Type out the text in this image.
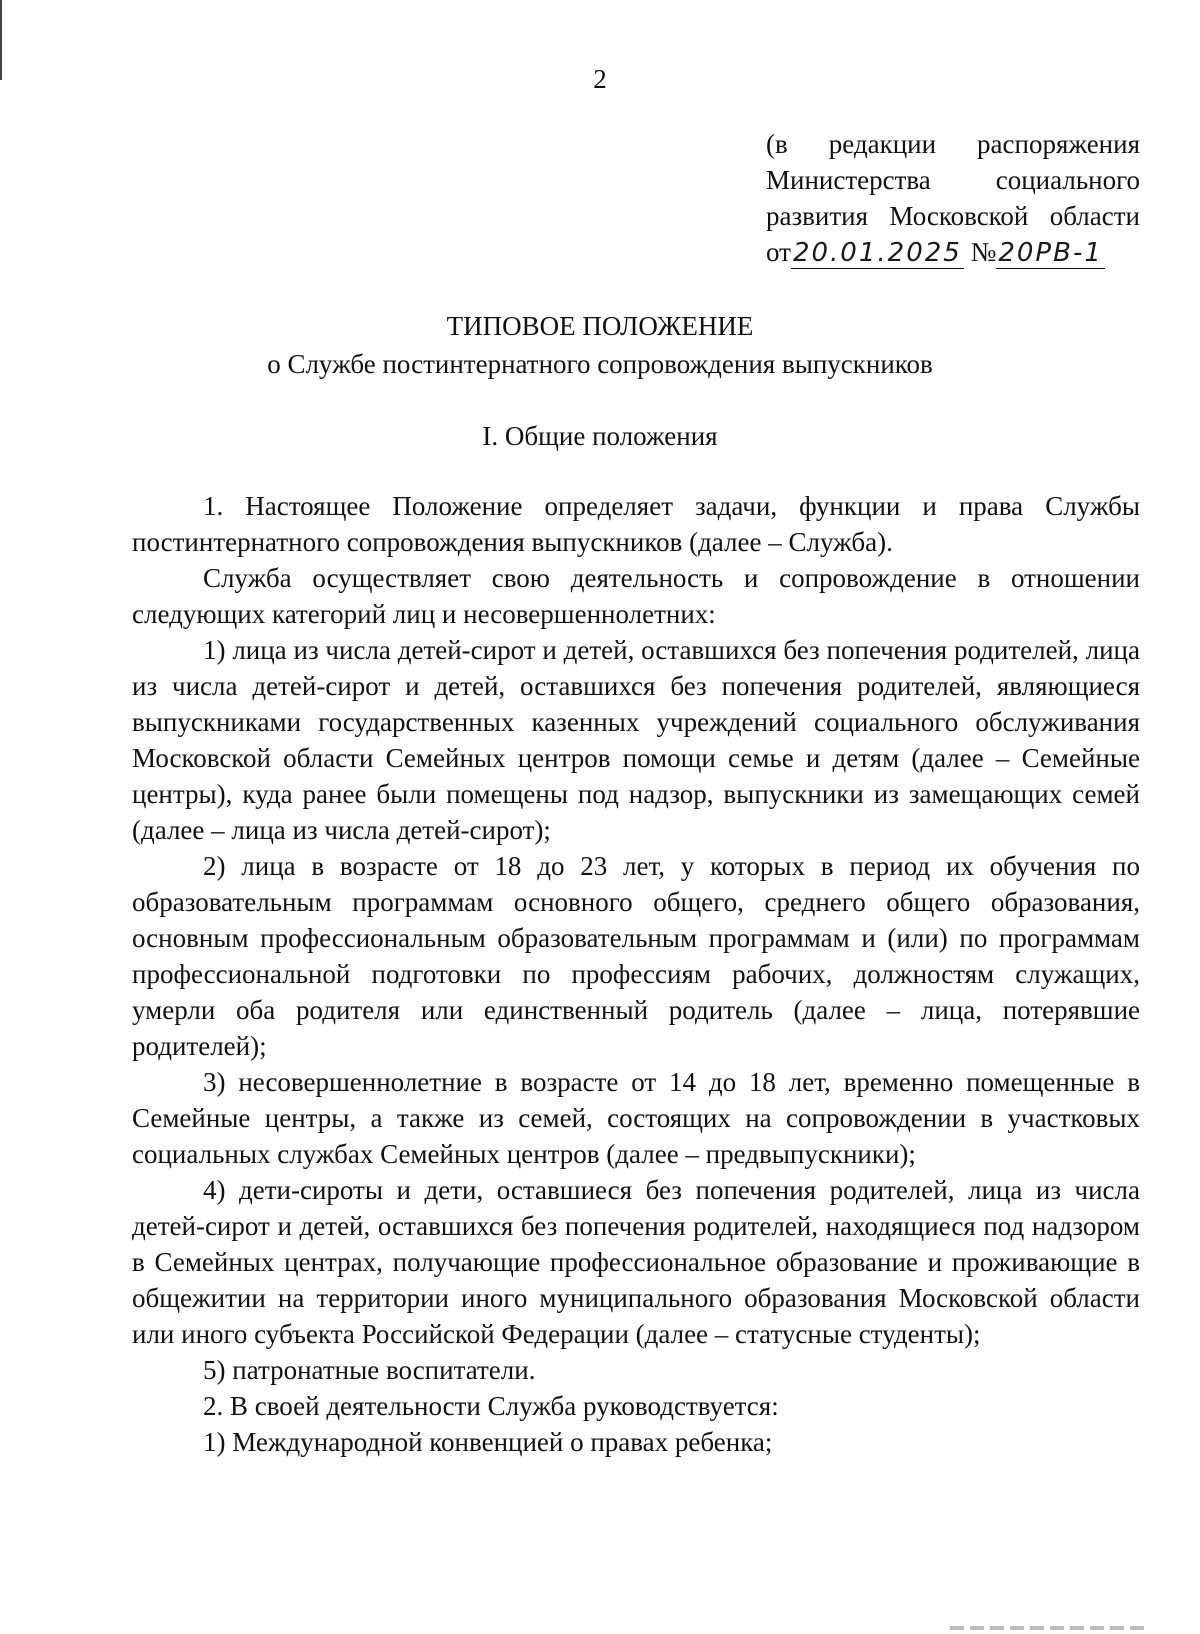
2
(в редакции распоряжения
Министерства социального
развития Московской области
от20.01.2025 №20РВ-1
ТИПОВОЕ ПОЛОЖЕНИЕ
о Службе постинтернатного сопровождения выпускников
I. Общие положения

1. Настоящее Положение определяет задачи, функции и права Службы постинтернатного сопровождения выпускников (далее – Служба).

Служба осуществляет свою деятельность и сопровождение в отношении следующих категорий лиц и несовершеннолетних:

1) лица из числа детей-сирот и детей, оставшихся без попечения родителей, лица из числа детей-сирот и детей, оставшихся без попечения родителей, являющиеся выпускниками государственных казенных учреждений социального обслуживания Московской области Семейных центров помощи семье и детям (далее – Семейные центры), куда ранее были помещены под надзор, выпускники из замещающих семей (далее – лица из числа детей-сирот);

2) лица в возрасте от 18 до 23 лет, у которых в период их обучения по образовательным программам основного общего, среднего общего образования, основным профессиональным образовательным программам и (или) по программам профессиональной подготовки по профессиям рабочих, должностям служащих, умерли оба родителя или единственный родитель (далее – лица, потерявшие родителей);

3) несовершеннолетние в возрасте от 14 до 18 лет, временно помещенные в Семейные центры, а также из семей, состоящих на сопровождении в участковых социальных службах Семейных центров (далее – предвыпускники);

4) дети-сироты и дети, оставшиеся без попечения родителей, лица из числа детей-сирот и детей, оставшихся без попечения родителей, находящиеся под надзором в Семейных центрах, получающие профессиональное образование и проживающие в общежитии на территории иного муниципального образования Московской области или иного субъекта Российской Федерации (далее – статусные студенты);

5) патронатные воспитатели.

2. В своей деятельности Служба руководствуется:

1) Международной конвенцией о правах ребенка;
